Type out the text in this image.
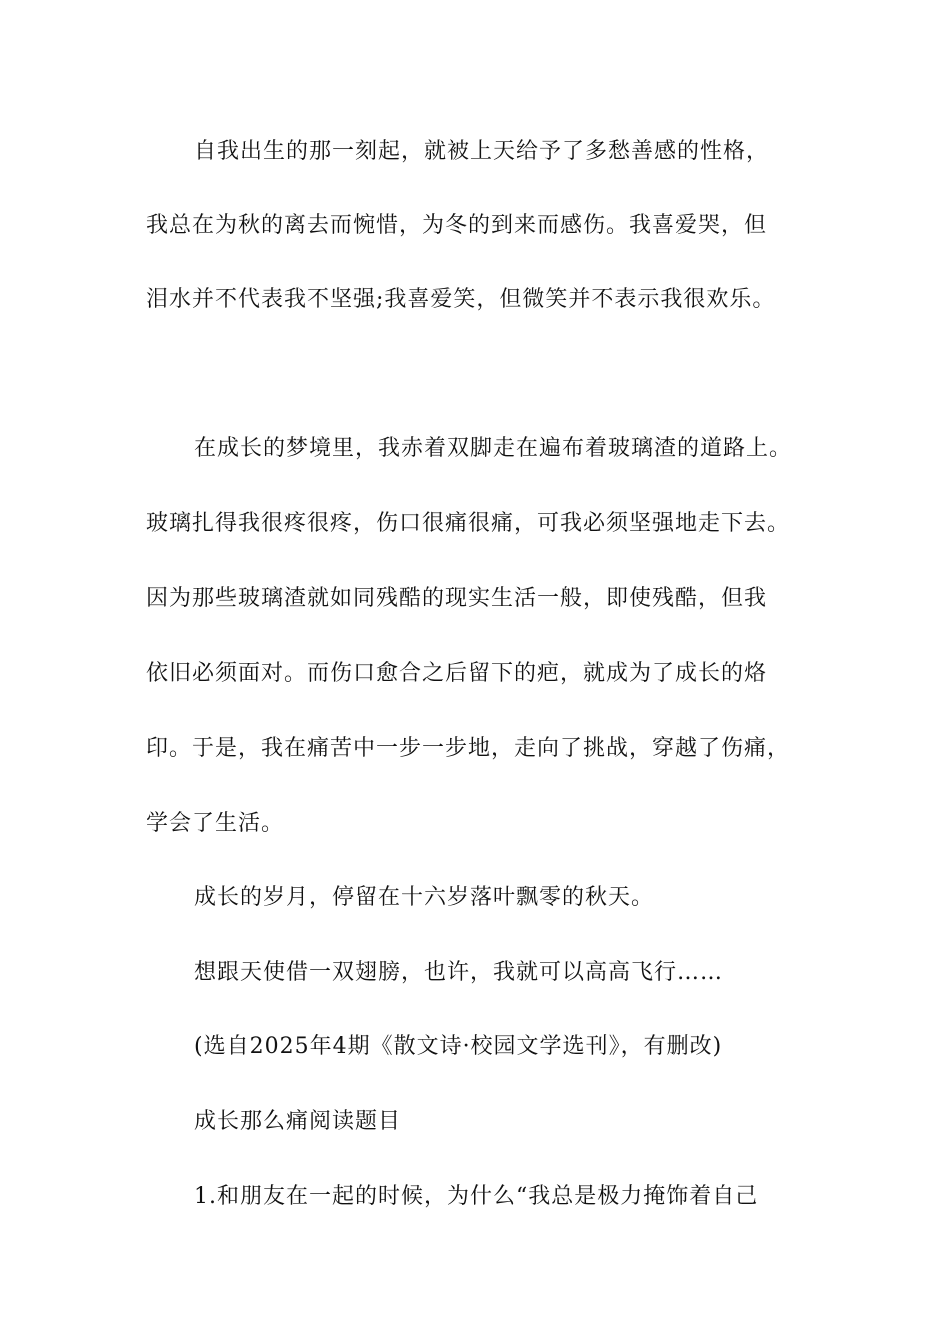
自我出生的那一刻起，就被上天给予了多愁善感的性格，
我总在为秋的离去而惋惜，为冬的到来而感伤。我喜爱哭，但
泪水并不代表我不坚强;我喜爱笑，但微笑并不表示我很欢乐。
在成长的梦境里，我赤着双脚走在遍布着玻璃渣的道路上。
玻璃扎得我很疼很疼，伤口很痛很痛，可我必须坚强地走下去。
因为那些玻璃渣就如同残酷的现实生活一般，即使残酷，但我
依旧必须面对。而伤口愈合之后留下的疤，就成为了成长的烙
印。于是，我在痛苦中一步一步地，走向了挑战，穿越了伤痛，
学会了生活。
成长的岁月，停留在十六岁落叶飘零的秋天。
想跟天使借一双翅膀，也许，我就可以高高飞行……
(选自2025年4期《散文诗·校园文学选刊》，有删改)
成长那么痛阅读题目
1.和朋友在一起的时候，为什么“我总是极力掩饰着自己
